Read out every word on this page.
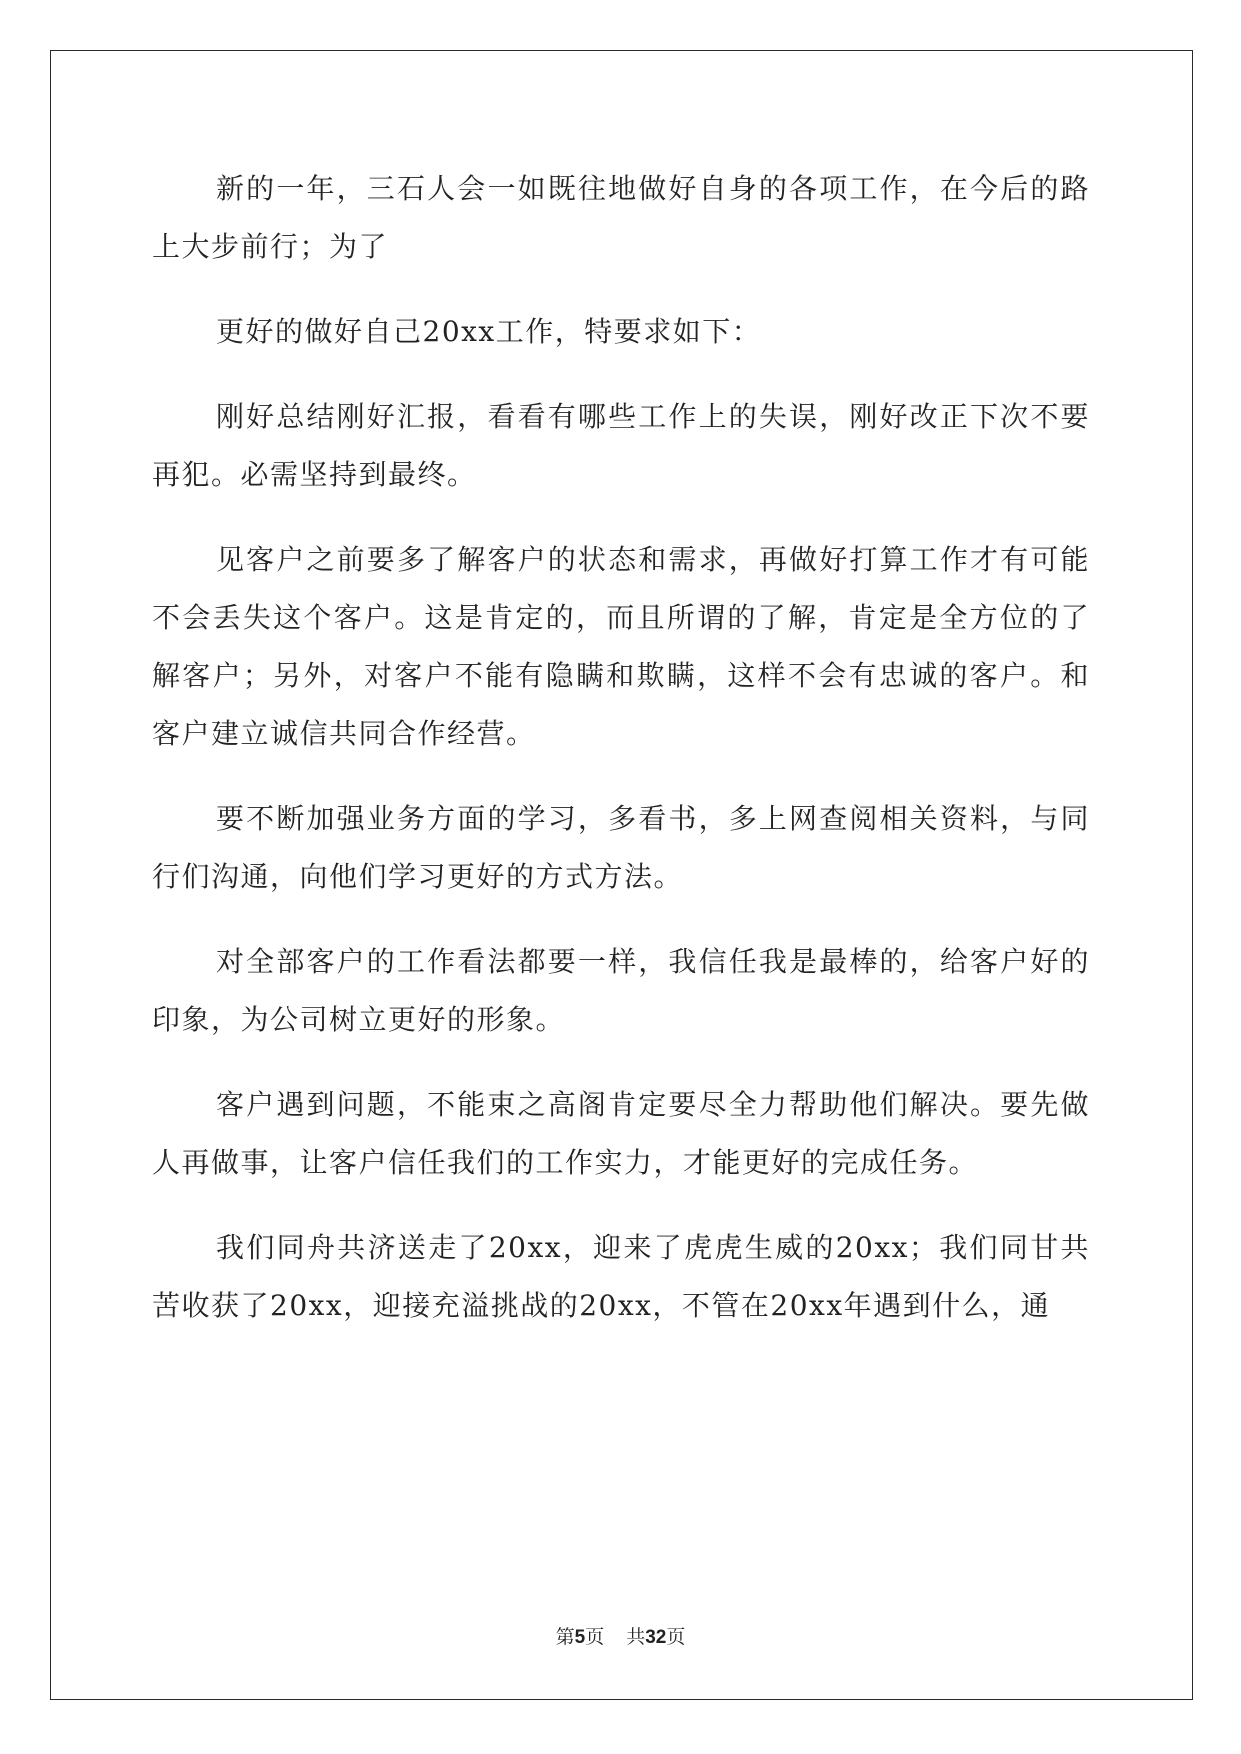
新的一年，三石人会一如既往地做好自身的各项工作，在今后的路上大步前行；为了

更好的做好自己20xx工作，特要求如下：

刚好总结刚好汇报，看看有哪些工作上的失误，刚好改正下次不要再犯。必需坚持到最终。

见客户之前要多了解客户的状态和需求，再做好打算工作才有可能不会丢失这个客户。这是肯定的，而且所谓的了解，肯定是全方位的了解客户；另外，对客户不能有隐瞒和欺瞒，这样不会有忠诚的客户。和客户建立诚信共同合作经营。

要不断加强业务方面的学习，多看书，多上网查阅相关资料，与同行们沟通，向他们学习更好的方式方法。

对全部客户的工作看法都要一样，我信任我是最棒的，给客户好的印象，为公司树立更好的形象。

客户遇到问题，不能束之高阁肯定要尽全力帮助他们解决。要先做人再做事，让客户信任我们的工作实力，才能更好的完成任务。

我们同舟共济送走了20xx，迎来了虎虎生威的20xx；我们同甘共苦收获了20xx，迎接充溢挑战的20xx，不管在20xx年遇到什么，通

第5页 共32页
